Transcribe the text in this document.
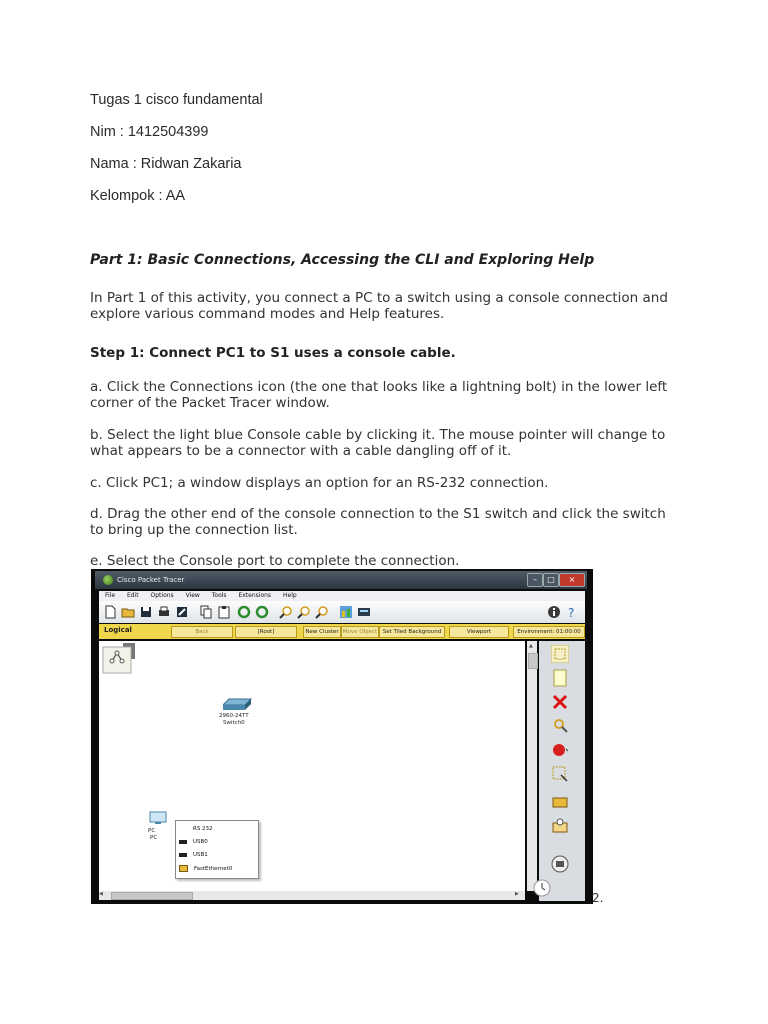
Tugas 1 cisco fundamental
Nim : 1412504399
Nama : Ridwan Zakaria
Kelompok : AA
Part 1: Basic Connections, Accessing the CLI and Exploring Help
In Part 1 of this activity, you connect a PC to a switch using a console connection and explore various command modes and Help features.
Step 1: Connect PC1 to S1 uses a console cable.
a. Click the Connections icon (the one that looks like a lightning bolt) in the lower left corner of the Packet Tracer window.
b. Select the light blue Console cable by clicking it. The mouse pointer will change to what appears to be a connector with a cable dangling off of it.
c. Click PC1; a window displays an option for an RS-232 connection.
d. Drag the other end of the console connection to the S1 switch and click the switch to bring up the connection list.
e. Select the Console port to complete the connection.
Cisco Packet Tracer	–	□	×
File Edit Options View Tools Extensions Help
?
Logical	Back	[Root]	New Cluster Move Object	Set Tiled Background	Viewport	Environment: 01:00:00
2960-24TT
Switch0
PC
PC
RS 232
USB0
USB1
FastEthernet0
▲
◀	▶	2.
